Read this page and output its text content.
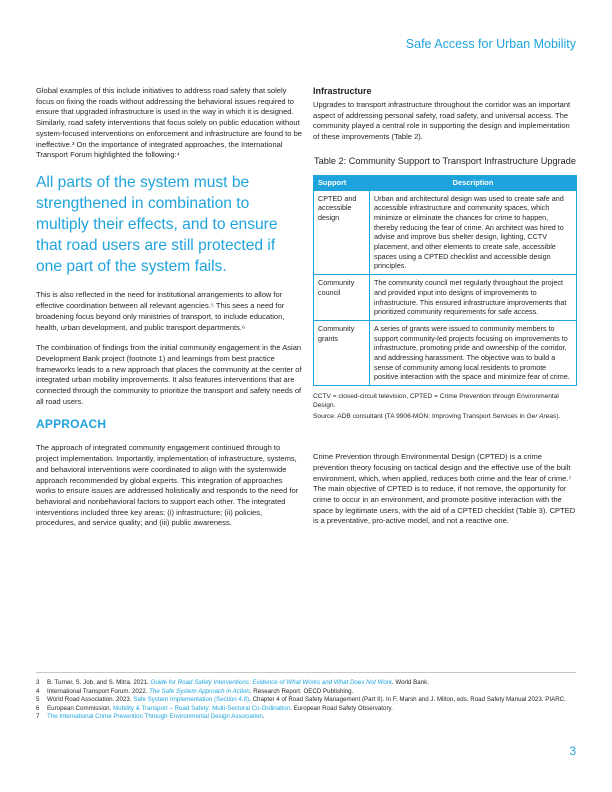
Safe Access for Urban Mobility

Global examples of this include initiatives to address road safety that solely focus on fixing the roads without addressing the behavioral issues required to ensure that upgraded infrastructure is used in the way in which it is designed. Similarly, road safety interventions that focus solely on public education without system-focused interventions on enforcement and infrastructure are found to be ineffective.³ On the importance of integrated approaches, the International Transport Forum highlighted the following:⁴

All parts of the system must be strengthened in combination to multiply their effects, and to ensure that road users are still protected if one part of the system fails.

This is also reflected in the need for institutional arrangements to allow for effective coordination between all relevant agencies.⁵ This sees a need for broadening focus beyond only ministries of transport, to include education, health, urban development, and public transport departments.⁶

The combination of findings from the initial community engagement in the Asian Development Bank project (footnote 1) and learnings from best practice frameworks leads to a new approach that places the community at the center of integrated urban mobility improvements. It also features interventions that are connected through the community to prioritize the transport and safety needs of all road users.

APPROACH

The approach of integrated community engagement continued through to project implementation. Importantly, implementation of infrastructure, systems, and behavioral interventions were coordinated to align with the systemwide approach recommended by global experts. This integration of approaches works to ensure issues are addressed holistically and responds to the need for behavioral and nonbehavioral factors to support each other. The integrated interventions included three key areas: (i) infrastructure; (ii) policies, procedures, and service quality; and (iii) public awareness.

Infrastructure

Upgrades to transport infrastructure throughout the corridor was an important aspect of addressing personal safety, road safety, and universal access. The community played a central role in supporting the design and implementation of these improvements (Table 2).

Table 2: Community Support to Transport Infrastructure Upgrade
Support	Description
CPTED and accessible design	Urban and architectural design was used to create safe and accessible infrastructure and community spaces, which minimize or eliminate the chances for crime to happen, thereby reducing the fear of crime. An architect was hired to advise and improve bus shelter design, lighting, CCTV placement, and other elements to create safe, accessible spaces using a CPTED checklist and accessible design principles.
Community council	The community council met regularly throughout the project and provided input into designs of improvements to infrastructure. This ensured infrastructure improvements that prioritized community requirements for safe access.
Community grants	A series of grants were issued to community members to support community-led projects focusing on improvements to infrastructure, promoting pride and ownership of the corridor, and addressing harassment. The objective was to build a sense of community among local residents to promote positive interaction with the space and minimize fear of crime.

CCTV = closed-circuit television, CPTED = Crime Prevention through Environmental Design.

Source: ADB consultant (TA 9906-MON: Improving Transport Services in Ger Areas).

Crime Prevention through Environmental Design (CPTED) is a crime prevention theory focusing on tactical design and the effective use of the built environment, which, when applied, reduces both crime and the fear of crime.⁷ The main objective of CPTED is to reduce, if not remove, the opportunity for crime to occur in an environment, and promote positive interaction with the space by legitimate users, with the aid of a CPTED checklist (Table 3). CPTED is a preventative, pro-active model, and not a reactive one.

3	B. Turner, S. Job, and S. Mitra. 2021. Guide for Road Safety Interventions: Evidence of What Works and What Does Not Work. World Bank.
4	International Transport Forum. 2022. The Safe System Approach in Action. Research Report. OECD Publishing.
5	World Road Association. 2023. Safe System Implementation (Section 4.8). Chapter 4 of Road Safety Management (Part II). In F. Marsh and J. Milton, eds. Road Safety Manual 2023. PIARC.
6	European Commission. Mobility & Transport – Road Safety: Multi-Sectoral Co-Ordination. European Road Safety Observatory.
7	The International Crime Prevention Through Environmental Design Association.
3
